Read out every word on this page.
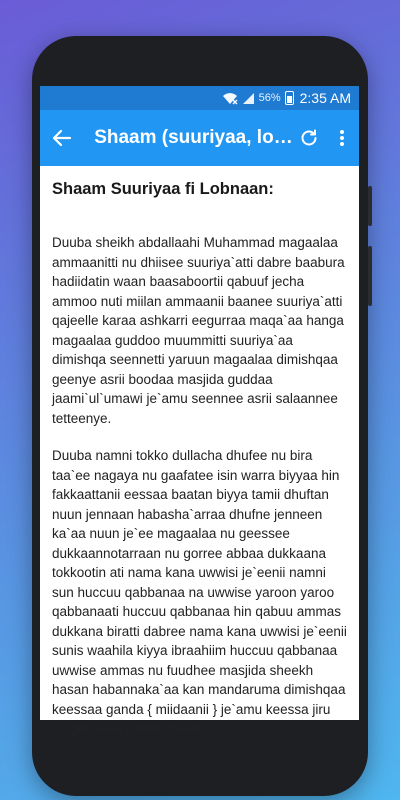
56% 2:35 AM
Shaam (suuriyaa, lo…
Shaam Suuriyaa fi Lobnaan:

Duuba sheikh abdallaahi Muhammad magaalaa ammaanitti nu dhiisee suuriya`atti dabre baabura hadiidatin waan baasaboortii qabuuf jecha ammoo nuti miilan ammaanii baanee suuriya`atti qajeelle karaa ashkarri eegurraa maqa`aa hanga magaalaa guddoo muummitti suuriya`aa dimishqa seennetti yaruun magaalaa dimishqaa geenye asrii boodaa masjida guddaa jaami`ul`umawi je`amu seennee asrii salaannee tetteenye.

Duuba namni tokko dullacha dhufee nu bira taa`ee nagaya nu gaafatee isin warra biyyaa hin fakkaattanii eessaa baatan biyya tamii dhuftan nuun jennaan habasha`arraa dhufne jenneen ka`aa nuun je`ee magaalaa nu geessee dukkaannotarraan nu gorree abbaa dukkaana tokkootin ati nama kana uwwisi je`eenii namni sun huccuu qabbanaa na uwwise yaroon yaroo qabbanaati huccuu qabbanaa hin qabuu ammas dukkana biratti dabree nama kana uwwisi je`eenii sunis waahila kiyya ibraahiim huccuu qabbanaa uwwise ammas nu fuudhee masjida sheekh hasan habannaka`aa kan mandaruma dimishqaa keessaa ganda { miidaanii } je`amu keessa jiru nu geessee sheikh hasan
